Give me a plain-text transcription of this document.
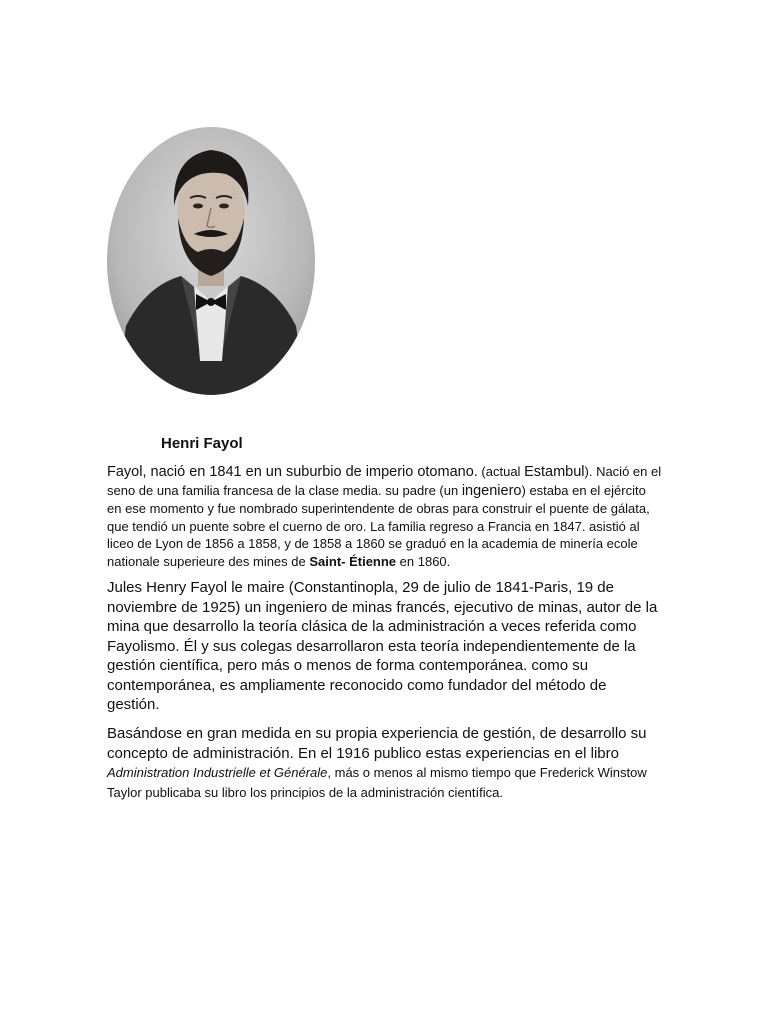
Henri Fayol

Fayol, nació en 1841 en un suburbio de imperio otomano. (actual Estambul). Nació en el seno de una familia francesa de la clase media. su padre (un ingeniero) estaba en el ejército en ese momento y fue nombrado superintendente de obras para construir el puente de gálata, que tendió un puente sobre el cuerno de oro. La familia regreso a Francia en 1847. asistió al liceo de Lyon de 1856 a 1858, y de 1858 a 1860 se graduó en la academia de minería ecole nationale superieure des mines de Saint- Étienne en 1860.

Jules Henry Fayol le maire (Constantinopla, 29 de julio de 1841-Paris, 19 de noviembre de 1925) un ingeniero de minas francés, ejecutivo de minas, autor de la mina que desarrollo la teoría clásica de la administración a veces referida como Fayolismo. Él y sus colegas desarrollaron esta teoría independientemente de la gestión científica, pero más o menos de forma contemporánea. como su contemporánea, es ampliamente reconocido como fundador del método de gestión.

Basándose en gran medida en su propia experiencia de gestión, de desarrollo su concepto de administración. En el 1916 publico estas experiencias en el libro Administration Industrielle et Générale, más o menos al mismo tiempo que Frederick Winstow Taylor publicaba su libro los principios de la administración científica.
